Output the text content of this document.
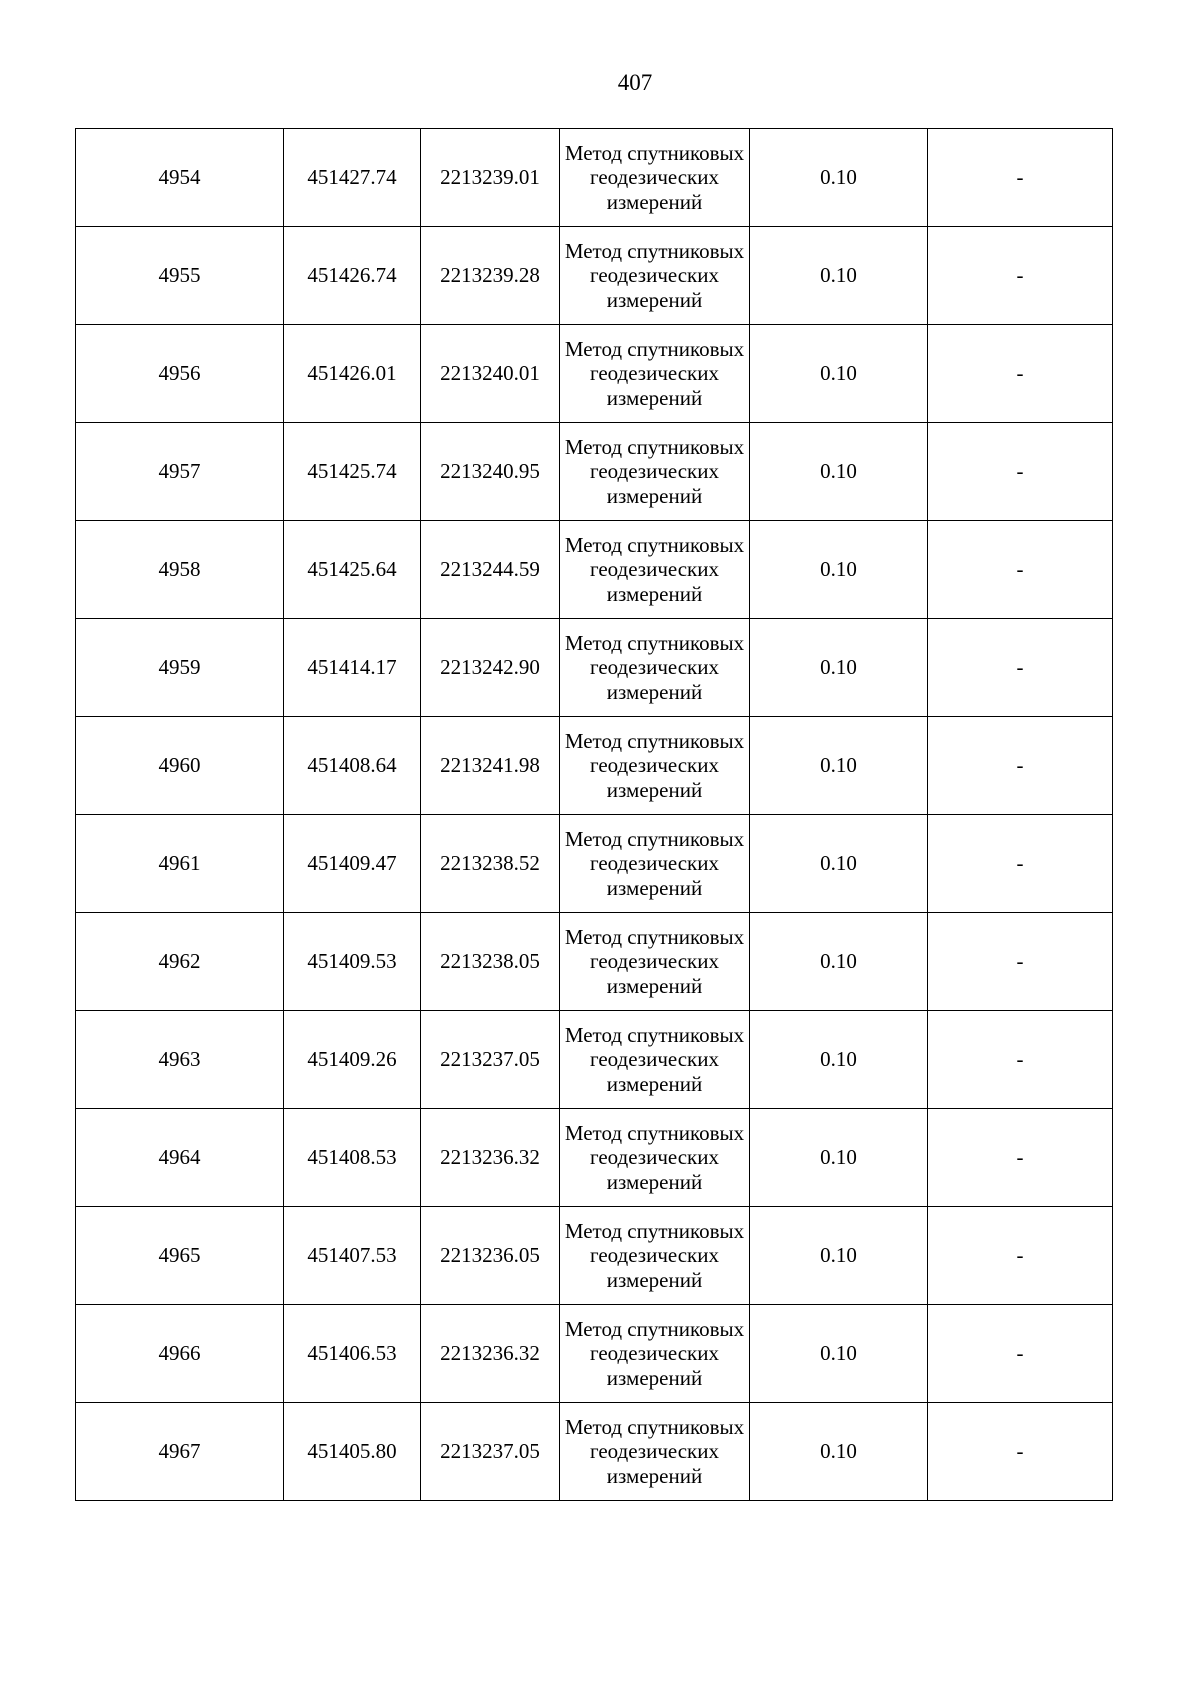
407
4954	451427.74	2213239.01	Метод спутниковых геодезических измерений	0.10	-
4955	451426.74	2213239.28	Метод спутниковых геодезических измерений	0.10	-
4956	451426.01	2213240.01	Метод спутниковых геодезических измерений	0.10	-
4957	451425.74	2213240.95	Метод спутниковых геодезических измерений	0.10	-
4958	451425.64	2213244.59	Метод спутниковых геодезических измерений	0.10	-
4959	451414.17	2213242.90	Метод спутниковых геодезических измерений	0.10	-
4960	451408.64	2213241.98	Метод спутниковых геодезических измерений	0.10	-
4961	451409.47	2213238.52	Метод спутниковых геодезических измерений	0.10	-
4962	451409.53	2213238.05	Метод спутниковых геодезических измерений	0.10	-
4963	451409.26	2213237.05	Метод спутниковых геодезических измерений	0.10	-
4964	451408.53	2213236.32	Метод спутниковых геодезических измерений	0.10	-
4965	451407.53	2213236.05	Метод спутниковых геодезических измерений	0.10	-
4966	451406.53	2213236.32	Метод спутниковых геодезических измерений	0.10	-
4967	451405.80	2213237.05	Метод спутниковых геодезических измерений	0.10	-
